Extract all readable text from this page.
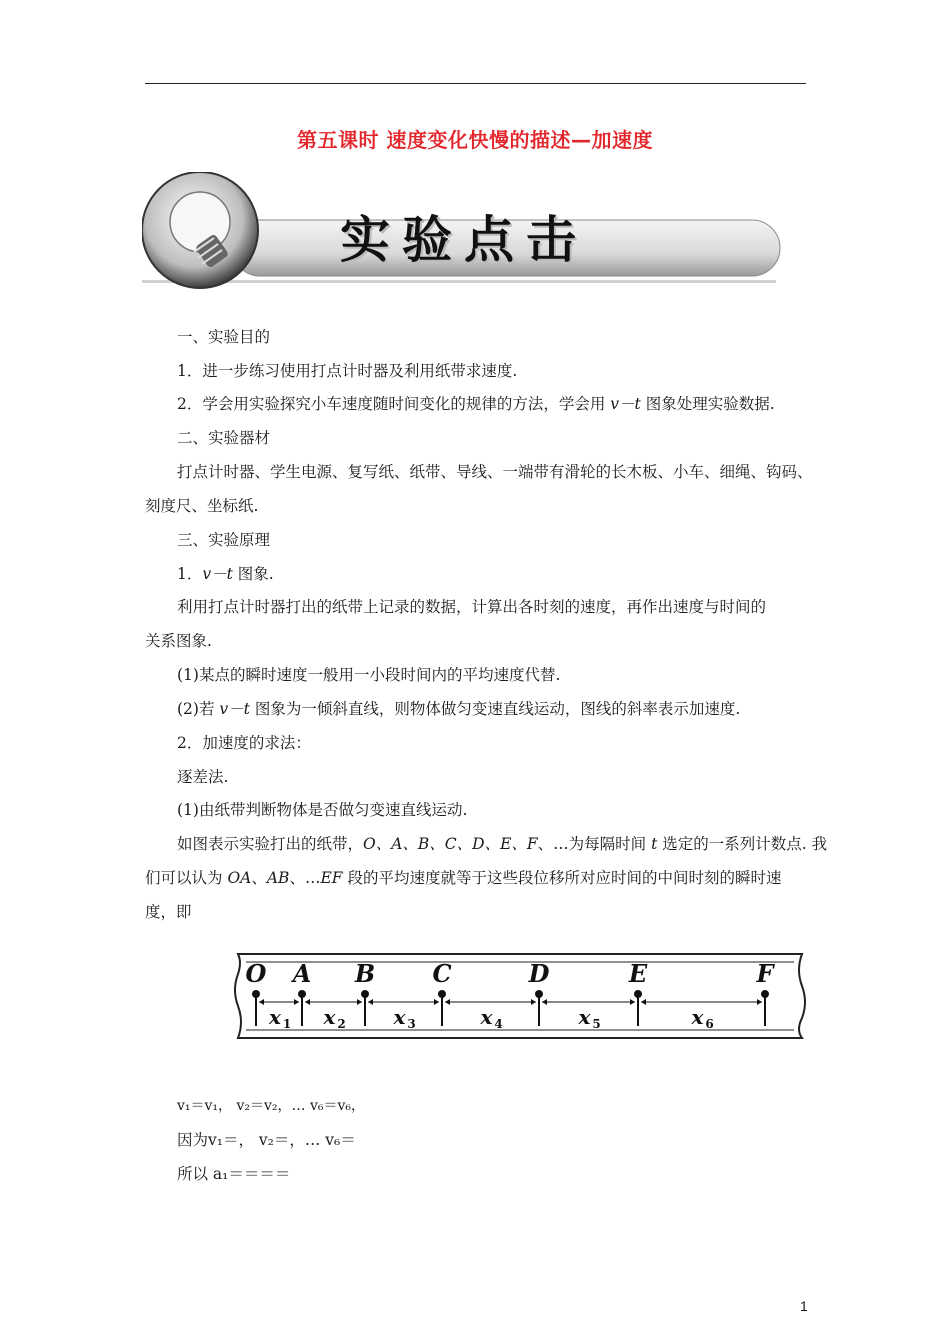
第五课时 速度变化快慢的描述—加速度
实验点击
一、实验目的
1．进一步练习使用打点计时器及利用纸带求速度.
2．学会用实验探究小车速度随时间变化的规律的方法，学会用 v－t 图象处理实验数据.
二、实验器材
打点计时器、学生电源、复写纸、纸带、导线、一端带有滑轮的长木板、小车、细绳、钩码、
刻度尺、坐标纸.
三、实验原理
1．v－t 图象.
利用打点计时器打出的纸带上记录的数据，计算出各时刻的速度，再作出速度与时间的
关系图象.
(1)某点的瞬时速度一般用一小段时间内的平均速度代替.
(2)若 v－t 图象为一倾斜直线，则物体做匀变速直线运动，图线的斜率表示加速度.
2．加速度的求法：
逐差法.
(1)由纸带判断物体是否做匀变速直线运动.
如图表示实验打出的纸带，O、A、B、C、D、E、F、…为每隔时间 t 选定的一系列计数点. 我
们可以认为 OA、AB、…EF 段的平均速度就等于这些段位移所对应时间的中间时刻的瞬时速
度，即
O A B C	D	E	F
x 1 x 2 x 3	x 4	x 5	x 6
v₁＝v₁， v₂＝v₂，… v₆＝v₆，
因为v₁＝， v₂＝，… v₆＝
所以 a₁＝＝＝＝
1
